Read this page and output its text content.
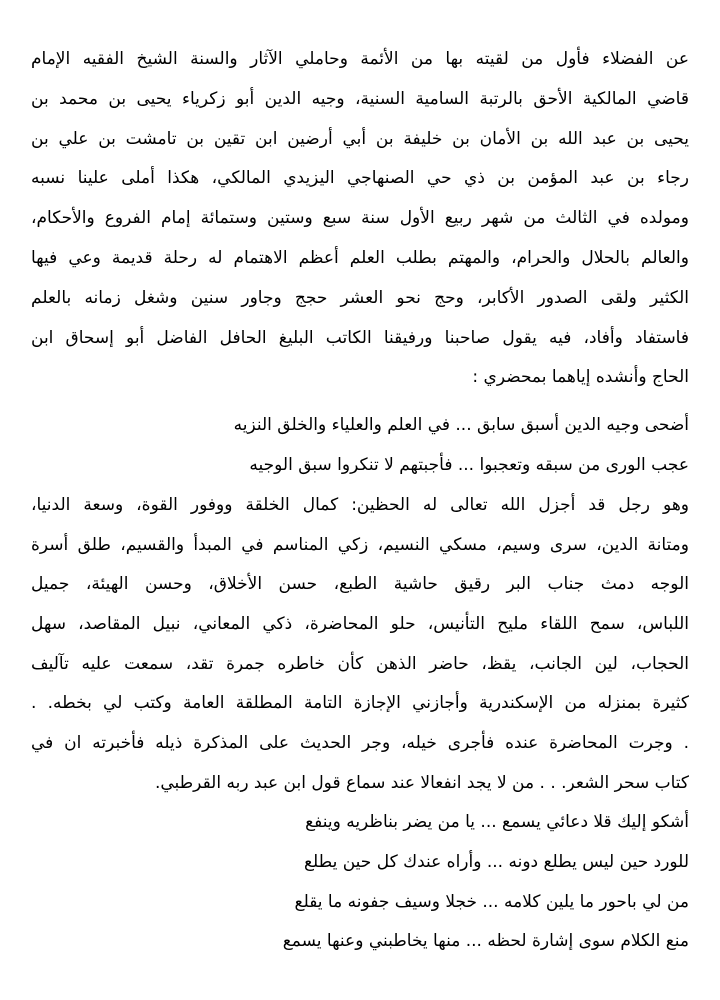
عن الفضلاء فأول من لقيته بها من الأئمة وحاملي الآثار والسنة الشيخ الفقيه الإمام
قاضي المالكية الأحق بالرتبة السامية السنية، وجيه الدين أبو زكرياء يحيى بن محمد بن
يحيى بن عبد الله بن الأمان بن خليفة بن أبي أرضين ابن تقين بن تامشت بن علي بن
رجاء بن عبد المؤمن بن ذي حي الصنهاجي اليزيدي المالكي، هكذا أملى علينا نسبه
ومولده في الثالث من شهر ربيع الأول سنة سبع وستين وستمائة إمام الفروع والأحكام،
والعالم بالحلال والحرام، والمهتم بطلب العلم أعظم الاهتمام له رحلة قديمة وعي فيها
الكثير ولقى الصدور الأكابر، وحج نحو العشر حجج وجاور سنين وشغل زمانه بالعلم
فاستفاد وأفاد، فيه يقول صاحبنا ورفيقنا الكاتب البليغ الحافل الفاضل أبو إسحاق ابن
الحاج وأنشده إياهما بمحضري :
أضحى وجيه الدين أسبق سابق ... في العلم والعلياء والخلق النزيه
عجب الورى من سبقه وتعجبوا ... فأجبتهم لا تنكروا سبق الوجيه
وهو رجل قد أجزل الله تعالى له الحظين: كمال الخلقة ووفور القوة، وسعة الدنيا،
ومتانة الدين، سرى وسيم، مسكي النسيم، زكي المناسم في المبدأ والقسيم، طلق أسرة
الوجه دمث جناب البر رقيق حاشية الطبع، حسن الأخلاق، وحسن الهيئة، جميل
اللباس، سمح اللقاء مليح التأنيس، حلو المحاضرة، ذكي المعاني، نبيل المقاصد، سهل
الحجاب، لين الجانب، يقظ، حاضر الذهن كأن خاطره جمرة تقد، سمعت عليه تآليف
كثيرة بمنزله من الإسكندرية وأجازني الإجازة التامة المطلقة العامة وكتب لي بخطه. .
. وجرت المحاضرة عنده فأجرى خيله، وجر الحديث على المذكرة ذيله فأخبرته ان في
كتاب سحر الشعر. . . من لا يجد انفعالا عند سماع قول ابن عبد ربه القرطبي.
أشكو إليك قلا دعائي يسمع ... يا من يضر بناظريه وينفع
للورد حين ليس يطلع دونه ... وأراه عندك كل حين يطلع
من لي باحور ما يلين كلامه ... خجلا وسيف جفونه ما يقلع
منع الكلام سوى إشارة لحظه ... منها يخاطبني وعنها يسمع
